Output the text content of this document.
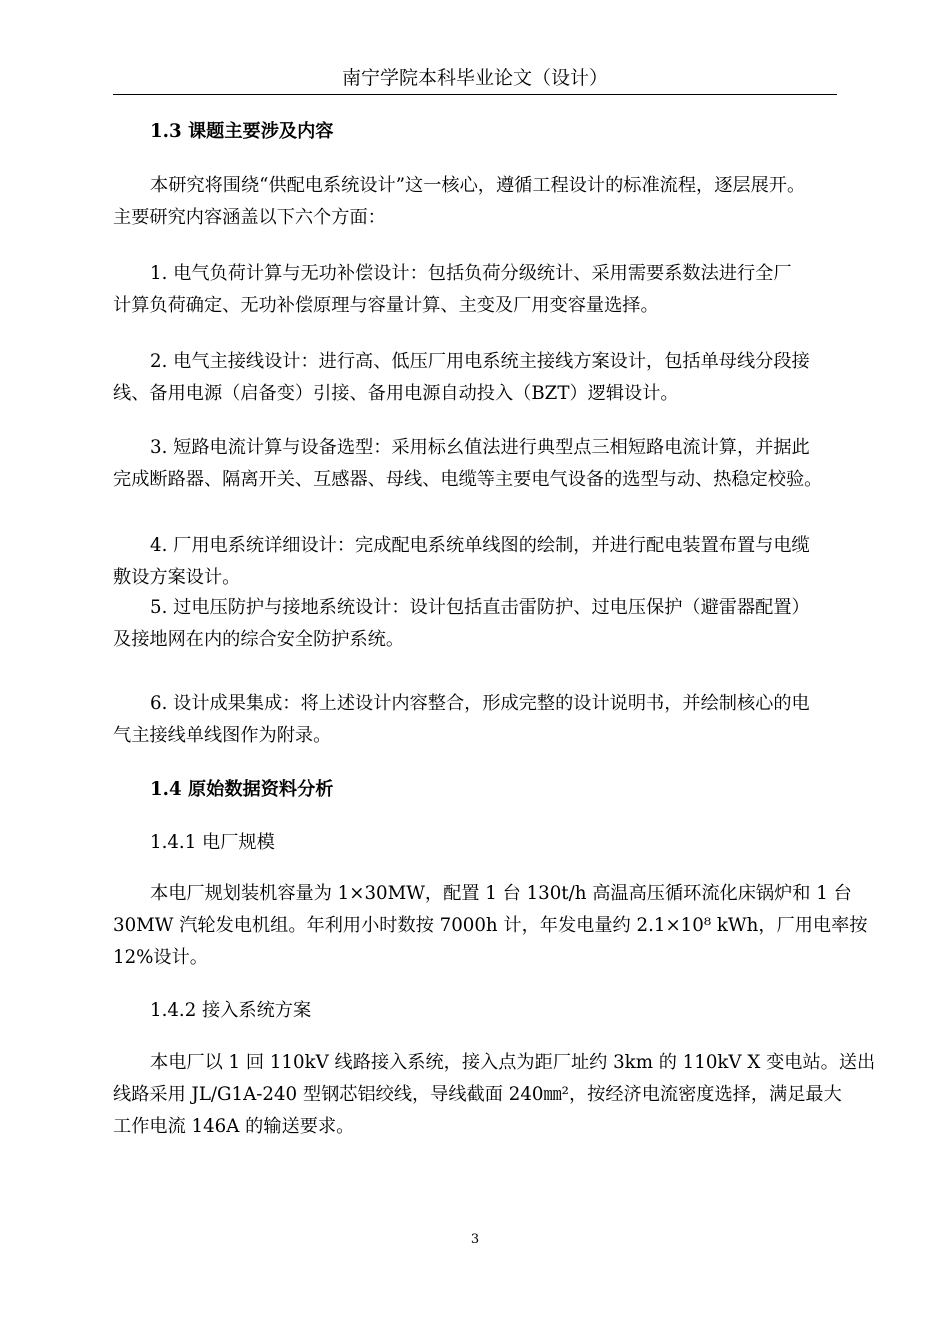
南宁学院本科毕业论文（设计）
1.3 课题主要涉及内容
本研究将围绕“供配电系统设计”这一核心，遵循工程设计的标准流程，逐层展开。
主要研究内容涵盖以下六个方面：
1. 电气负荷计算与无功补偿设计：包括负荷分级统计、采用需要系数法进行全厂
计算负荷确定、无功补偿原理与容量计算、主变及厂用变容量选择。
2. 电气主接线设计：进行高、低压厂用电系统主接线方案设计，包括单母线分段接
线、备用电源（启备变）引接、备用电源自动投入（BZT）逻辑设计。
3. 短路电流计算与设备选型：采用标幺值法进行典型点三相短路电流计算，并据此
完成断路器、隔离开关、互感器、母线、电缆等主要电气设备的选型与动、热稳定校验。
4. 厂用电系统详细设计：完成配电系统单线图的绘制，并进行配电装置布置与电缆
敷设方案设计。
5. 过电压防护与接地系统设计：设计包括直击雷防护、过电压保护（避雷器配置）
及接地网在内的综合安全防护系统。
6. 设计成果集成：将上述设计内容整合，形成完整的设计说明书，并绘制核心的电
气主接线单线图作为附录。
1.4 原始数据资料分析
1.4.1 电厂规模
本电厂规划装机容量为 1×30MW，配置 1 台 130t/h 高温高压循环流化床锅炉和 1 台
30MW 汽轮发电机组。年利用小时数按 7000h 计，年发电量约 2.1×10⁸ kWh，厂用电率按
12%设计。
1.4.2 接入系统方案
本电厂以 1 回 110kV 线路接入系统，接入点为距厂址约 3km 的 110kV X 变电站。送出
线路采用 JL/G1A-240 型钢芯铝绞线，导线截面 240㎜²，按经济电流密度选择，满足最大
工作电流 146A 的输送要求。
3
